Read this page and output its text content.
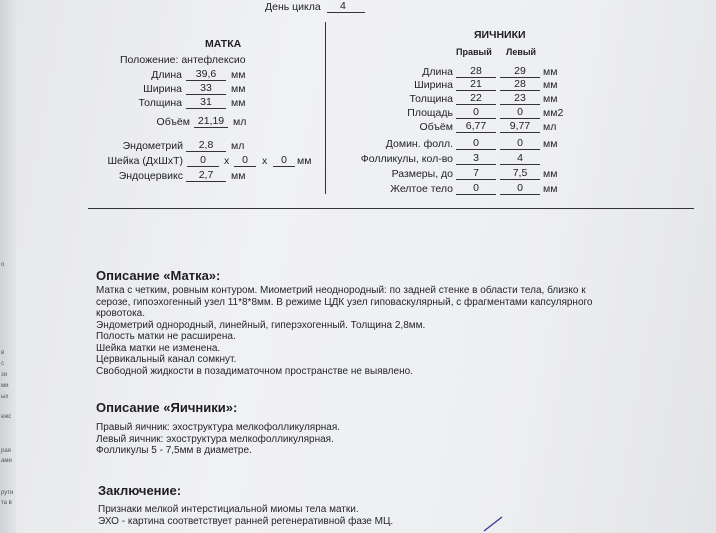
о
в
с
зя
ми
ых
ежс
рая
ами
рути
та в
День цикла 4
МАТКА
Положение: антефлексио
Длина	39,6	мм
Ширина	33	мм
Толщина	31	мм
Объём 21,19 мл
Эндометрий	2,8	мл
Шейка (ДхШхТ)	0	x	0	x	0 мм
Эндоцервикс	2,7	мм
ЯИЧНИКИ
Правый Левый
Длина	28	29	мм
Ширина	21	28	мм
Толщина	22	23	мм
Площадь	0	0	мм2
Объём	6,77	9,77	мл
Домин. фолл.	0	0	мм
Фолликулы, кол-во	3	4
Размеры, до	7	7,5	мм
Желтое тело	0	0	мм
Описание «Матка»:
Матка с четким, ровным контуром. Миометрий неоднородный: по задней стенке в области тела, близко к
серозе, гипоэхогенный узел 11*8*8мм. В режиме ЦДК узел гиповаскулярный, с фрагментами капсулярного
кровотока.
Эндометрий однородный, линейный, гиперэхогенный. Толщина 2,8мм.
Полость матки не расширена.
Шейка матки не изменена.
Цервикальный канал сомкнут.
Свободной жидкости в позадиматочном пространстве не выявлено.
Описание «Яичники»:
Правый яичник: эхоструктура мелкофолликулярная.
Левый яичник: эхоструктура мелкофолликулярная.
Фолликулы 5 - 7,5мм в диаметре.
Заключение:
Признаки мелкой интерстициальной миомы тела матки.
ЭХО - картина соответствует ранней регенеративной фазе МЦ.
